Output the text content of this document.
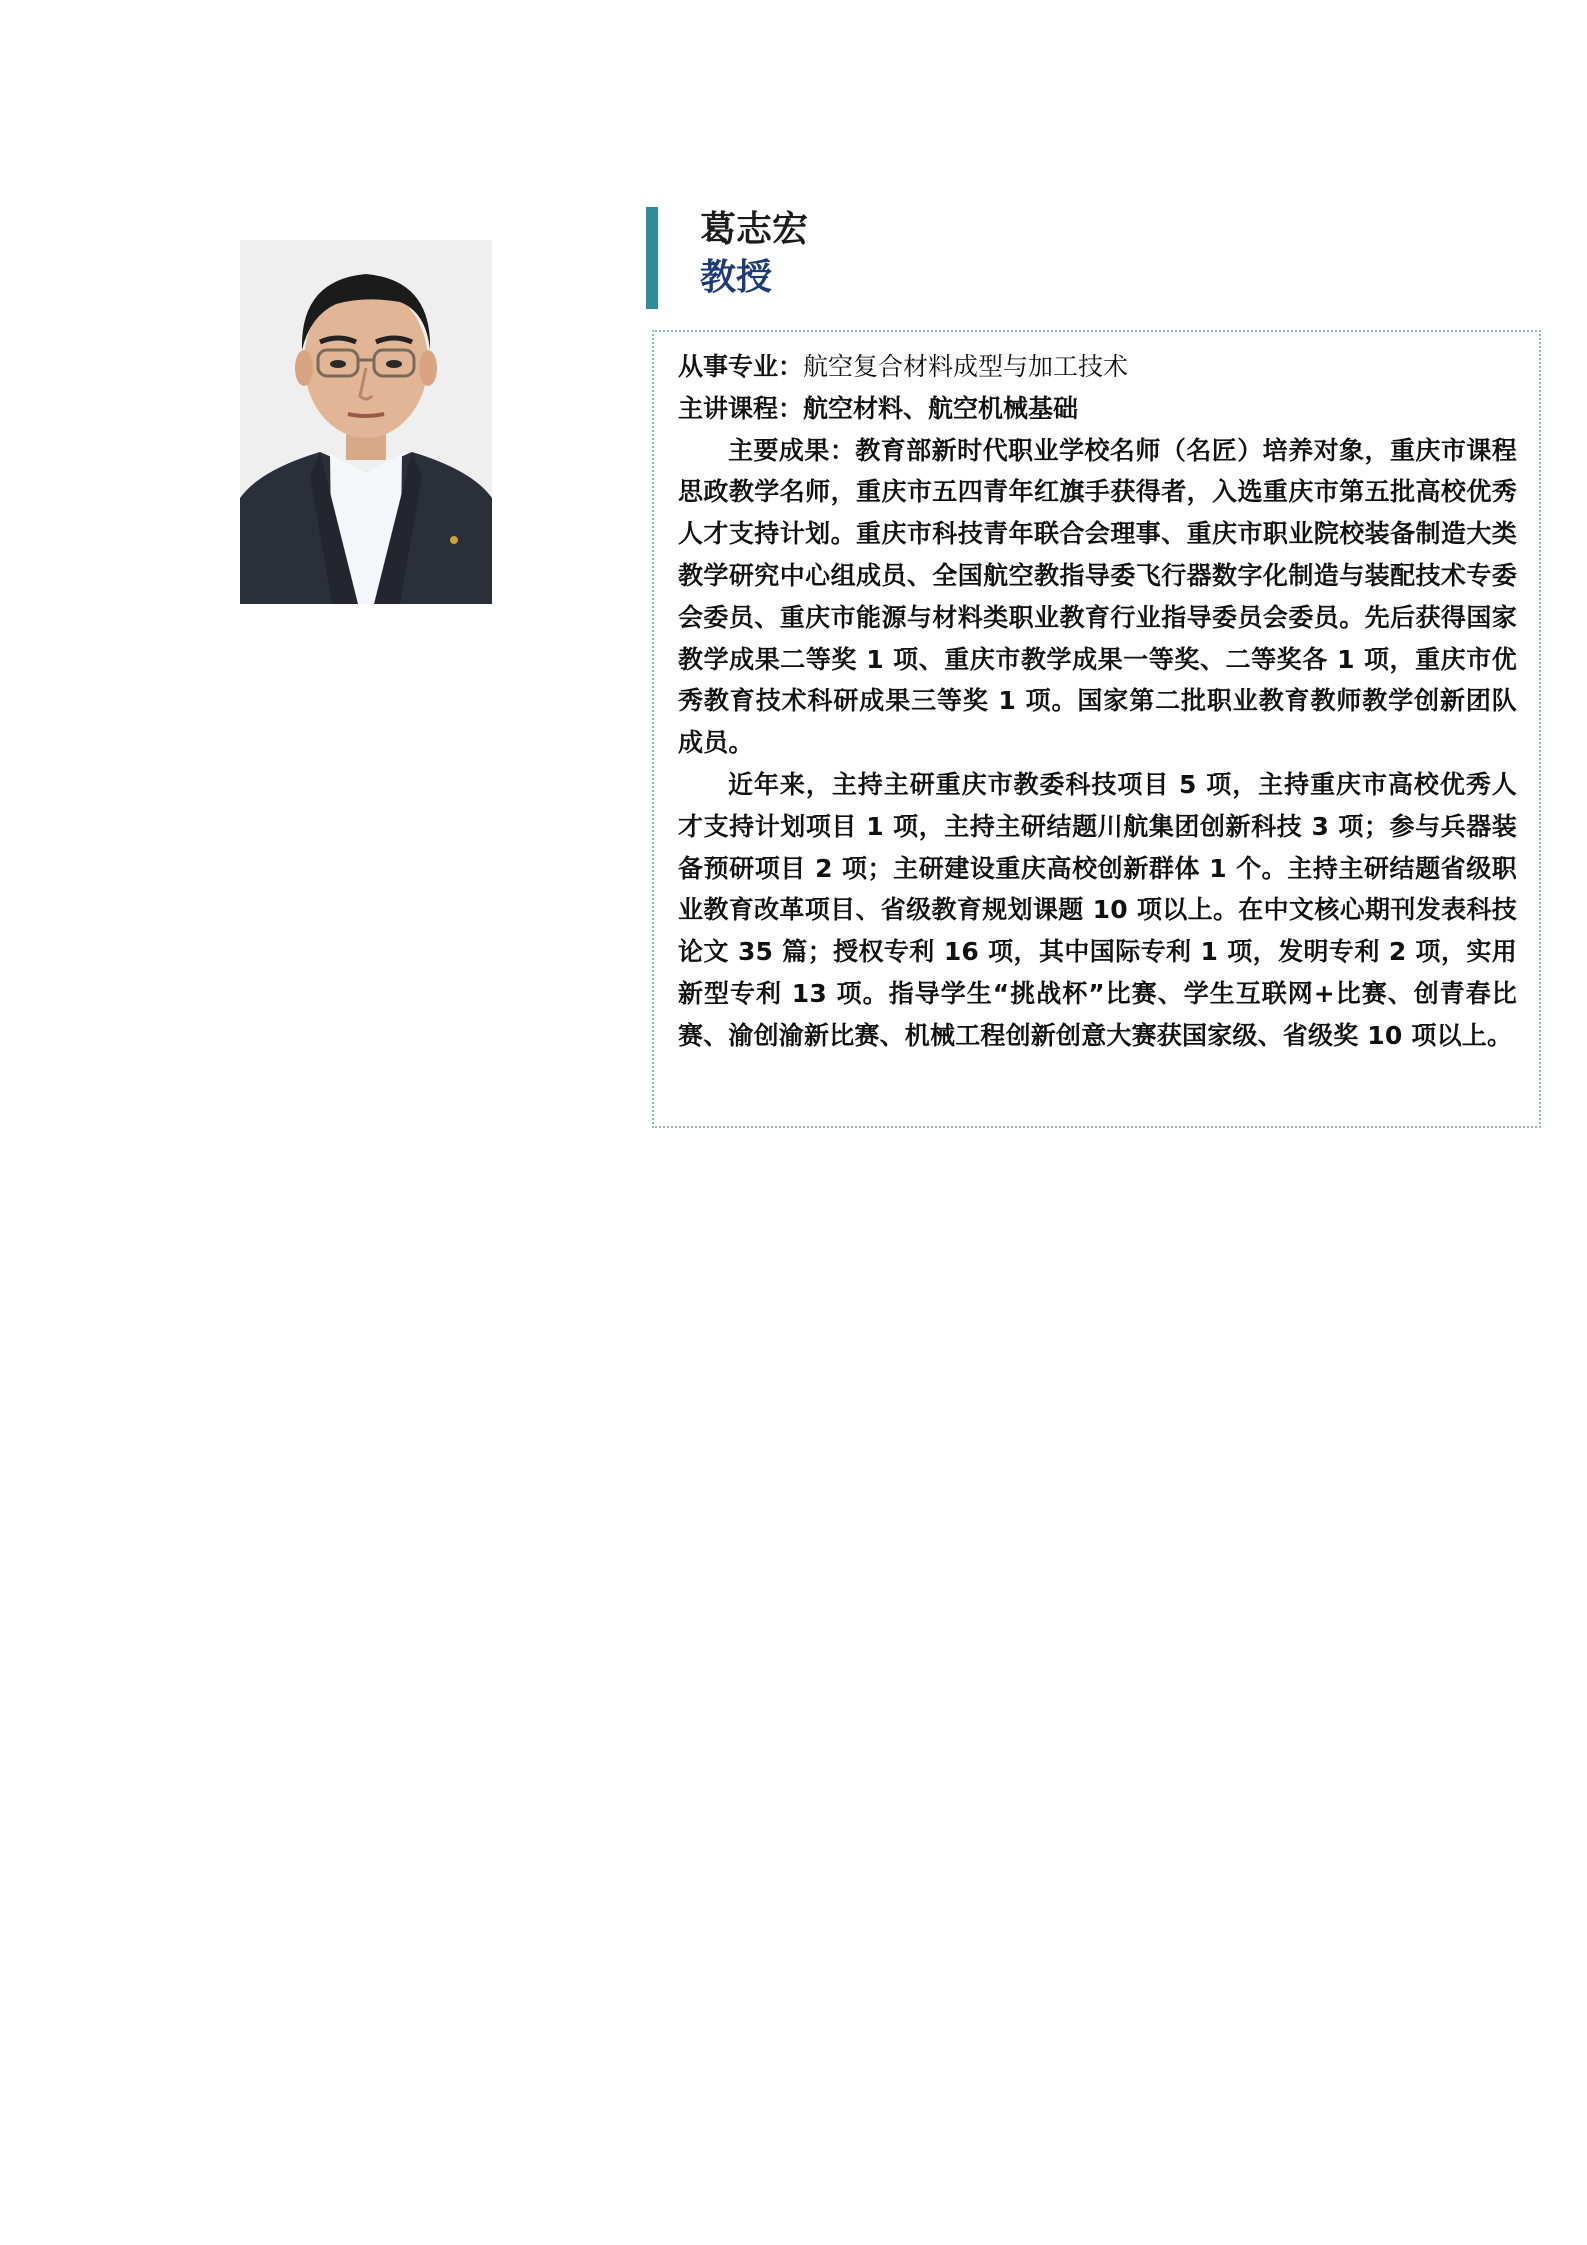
葛志宏
教授
从事专业：航空复合材料成型与加工技术
主讲课程：航空材料、航空机械基础

主要成果：教育部新时代职业学校名师（名匠）培养对象，重庆市课程思政教学名师，重庆市五四青年红旗手获得者，入选重庆市第五批高校优秀人才支持计划。重庆市科技青年联合会理事、重庆市职业院校装备制造大类教学研究中心组成员、全国航空教指导委飞行器数字化制造与装配技术专委会委员、重庆市能源与材料类职业教育行业指导委员会委员。先后获得国家教学成果二等奖 1 项、重庆市教学成果一等奖、二等奖各 1 项，重庆市优秀教育技术科研成果三等奖 1 项。国家第二批职业教育教师教学创新团队成员。

近年来，主持主研重庆市教委科技项目 5 项，主持重庆市高校优秀人才支持计划项目 1 项，主持主研结题川航集团创新科技 3 项；参与兵器装备预研项目 2 项；主研建设重庆高校创新群体 1 个。主持主研结题省级职业教育改革项目、省级教育规划课题 10 项以上。在中文核心期刊发表科技论文 35 篇；授权专利 16 项，其中国际专利 1 项，发明专利 2 项，实用新型专利 13 项。指导学生“挑战杯”比赛、学生互联网+比赛、创青春比赛、渝创渝新比赛、机械工程创新创意大赛获国家级、省级奖 10 项以上。
